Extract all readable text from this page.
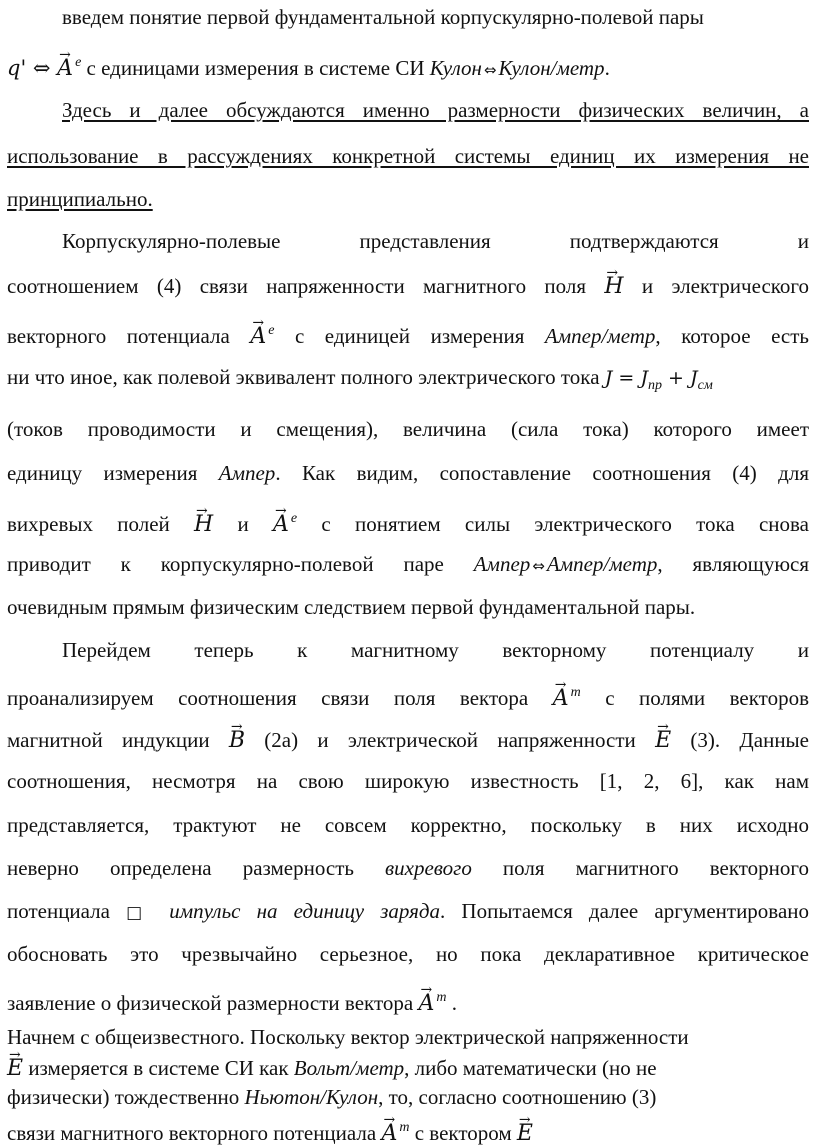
введем понятие первой фундаментальной корпускулярно-полевой пары
q' ⇔ → A $^e$ с единицами измерения в системе СИ Кулон ⇔Кулон/метр.
Здесь и далее обсуждаются именно размерности физических величин, а
использование в рассуждениях конкретной системы единиц их измерения не
принципиально.
Корпускулярно-полевые представления подтверждаются и
соотношением (4) связи напряженности магнитного поля → H и электрического
векторного потенциала → A $^e$ с единицей измерения Ампер/метр, которое есть
ни что иное, как полевой эквивалент полного электрического тока $J = J_{пр} + J_{см}$
(токов проводимости и смещения), величина (сила тока) которого имеет
единицу измерения Ампер. Как видим, сопоставление соотношения (4) для
вихревых полей → H и → A $^e$ с понятием силы электрического тока снова
приводит к корпускулярно-полевой паре Ампер ⇔Ампер/метр, являющуюся
очевидным прямым физическим следствием первой фундаментальной пары.
Перейдем теперь к магнитному векторному потенциалу и
проанализируем соотношения связи поля вектора → A $^m$ с полями векторов
магнитной индукции → B (2а) и электрической напряженности → E (3). Данные
соотношения, несмотря на свою широкую известность [1, 2, 6], как нам
представляется, трактуют не совсем корректно, поскольку в них исходно
неверно определена размерность вихревого поля магнитного векторного
потенциала □ импульс на единицу заряда. Попытаемся далее аргументировано
обосновать это чрезвычайно серьезное, но пока декларативное критическое
заявление о физической размерности вектора → A $^m$ .
Начнем с общеизвестного. Поскольку вектор электрической напряженности
→ E измеряется в системе СИ как Вольт/метр, либо математически (но не
физически) тождественно Ньютон/Кулон, то, согласно соотношению (3)
связи магнитного векторного потенциала → A $^m$ с вектором → E
